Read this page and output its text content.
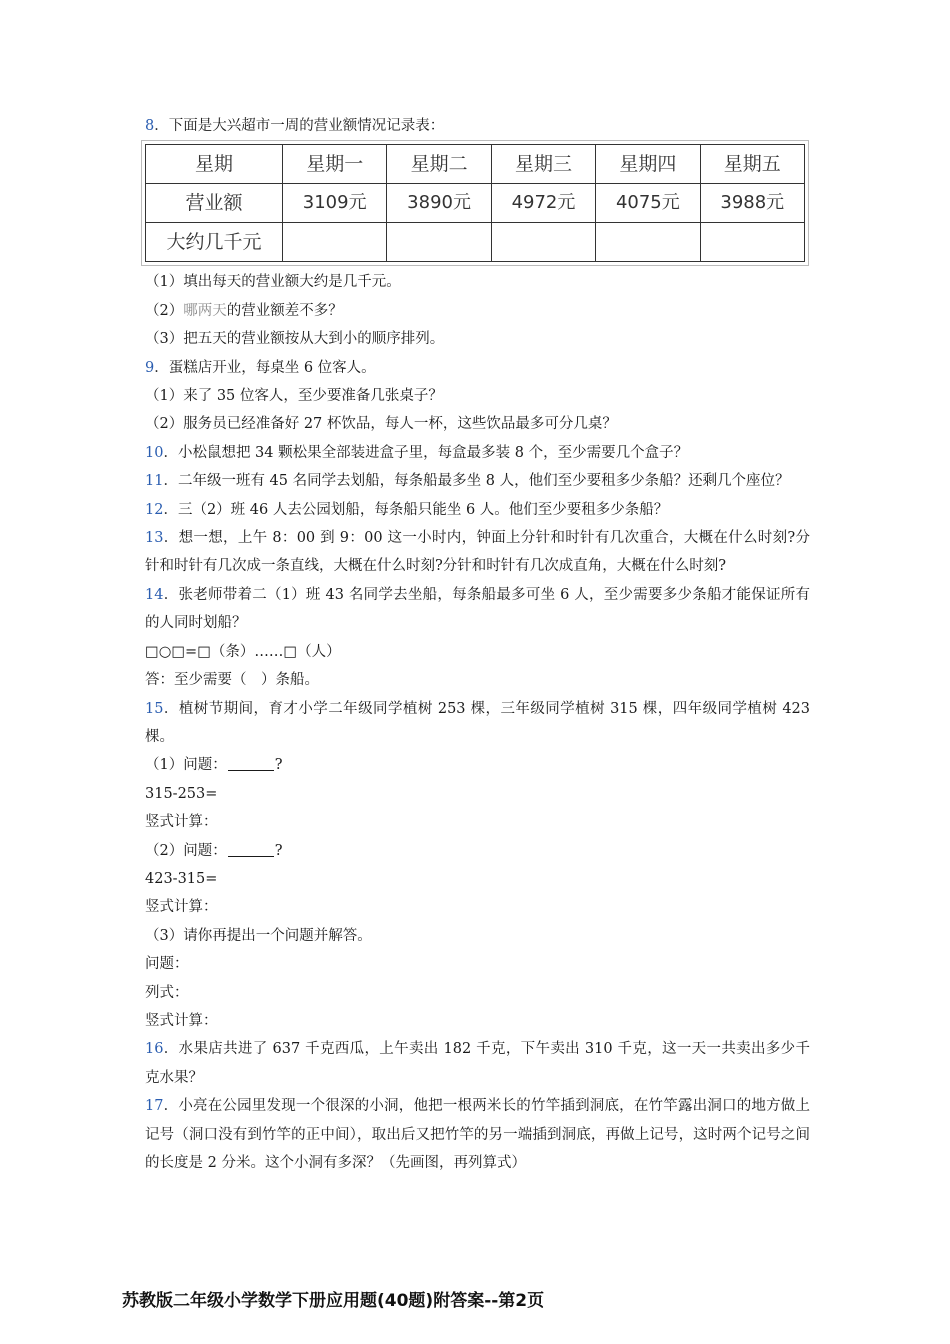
8．下面是大兴超市一周的营业额情况记录表：
星期	星期一	星期二	星期三	星期四	星期五
营业额	3109元	3890元	4972元	4075元	3988元
大约几千元					
（1）填出每天的营业额大约是几千元。
（2）哪两天的营业额差不多？
（3）把五天的营业额按从大到小的顺序排列。
9．蛋糕店开业，每桌坐 6 位客人。
（1）来了 35 位客人，至少要准备几张桌子？
（2）服务员已经准备好 27 杯饮品，每人一杯，这些饮品最多可分几桌？
10．小松鼠想把 34 颗松果全部装进盒子里，每盒最多装 8 个，至少需要几个盒子？
11．二年级一班有 45 名同学去划船，每条船最多坐 8 人，他们至少要租多少条船？还剩几个座位？
12．三（2）班 46 人去公园划船，每条船只能坐 6 人。他们至少要租多少条船？
13．想一想，上午 8：00 到 9：00 这一小时内，钟面上分针和时针有几次重合，大概在什么时刻?分针和时针有几次成一条直线，大概在什么时刻?分针和时针有几次成直角，大概在什么时刻?
14．张老师带着二（1）班 43 名同学去坐船，每条船最多可坐 6 人，至少需要多少条船才能保证所有的人同时划船？
□○□=□（条）……□（人）
答：至少需要（　）条船。
15．植树节期间，育才小学二年级同学植树 253 棵，三年级同学植树 315 棵，四年级同学植树 423 棵。
（1）问题：	?
315-253=
竖式计算：
（2）问题：	?
423-315=
竖式计算：
（3）请你再提出一个问题并解答。
问题：
列式：
竖式计算：
16．水果店共进了 637 千克西瓜，上午卖出 182 千克，下午卖出 310 千克，这一天一共卖出多少千克水果？
17．小亮在公园里发现一个很深的小洞，他把一根两米长的竹竿插到洞底，在竹竿露出洞口的地方做上记号（洞口没有到竹竿的正中间），取出后又把竹竿的另一端插到洞底，再做上记号，这时两个记号之间的长度是 2 分米。这个小洞有多深？（先画图，再列算式）
苏教版二年级小学数学下册应用题(40题)附答案--第2页
